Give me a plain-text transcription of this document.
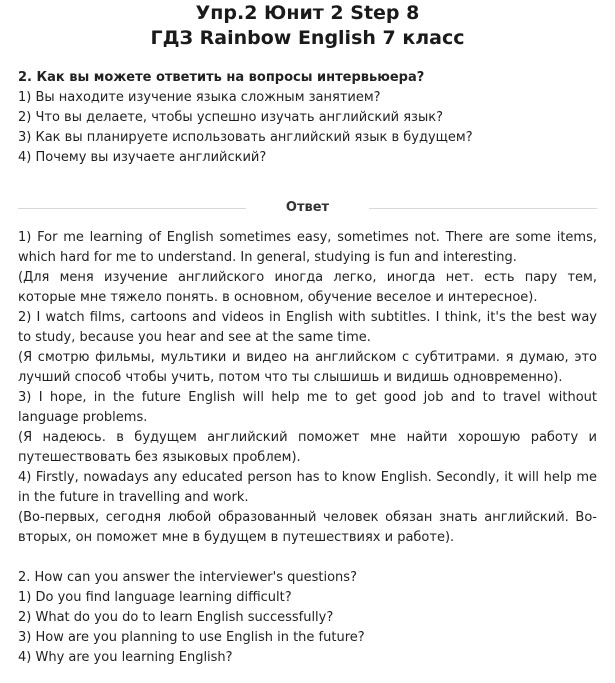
Упр.2 Юнит 2 Step 8
ГДЗ Rainbow English 7 класс
2. Как вы можете ответить на вопросы интервьюера?
1) Вы находите изучение языка сложным занятием?
2) Что вы делаете, чтобы успешно изучать английский язык?
3) Как вы планируете использовать английский язык в будущем?
4) Почему вы изучаете английский?
Ответ
1) For me learning of English sometimes easy, sometimes not. There are some items, which hard for me to understand. In general, studying is fun and interesting.
(Для меня изучение английского иногда легко, иногда нет. есть пару тем, которые мне тяжело понять. в основном, обучение веселое и интересное).
2) I watch films, cartoons and videos in English with subtitles. I think, it's the best way to study, because you hear and see at the same time.
(Я смотрю фильмы, мультики и видео на английском с субтитрами. я думаю, это лучший способ чтобы учить, потом что ты слышишь и видишь одновременно).
3) I hope, in the future English will help me to get good job and to travel without language problems.
(Я надеюсь. в будущем английский поможет мне найти хорошую работу и путешествовать без языковых проблем).
4) Firstly, nowadays any educated person has to know English. Secondly, it will help me in the future in travelling and work.
(Во-первых, сегодня любой образованный человек обязан знать английский. Во-вторых, он поможет мне в будущем в путешествиях и работе).
2. How can you answer the interviewer's questions?
1) Do you find language learning difficult?
2) What do you do to learn English successfully?
3) How are you planning to use English in the future?
4) Why are you learning English?
